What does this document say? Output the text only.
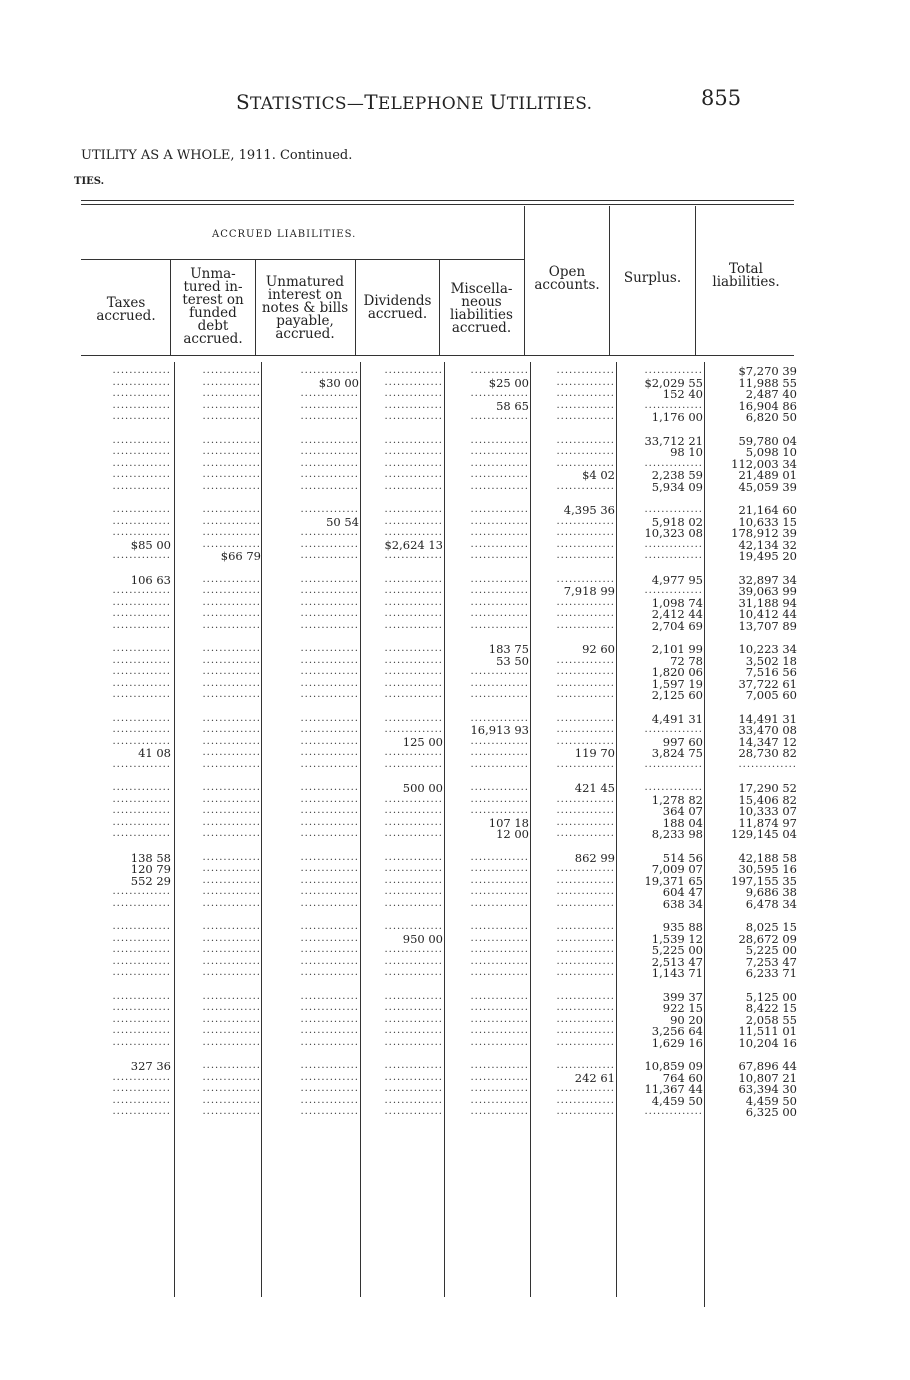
STATISTICS—TELEPHONE UTILITIES.	855
UTILITY AS A WHOLE, 1911. Continued.
TIES.
ACCRUED LIABILITIES.
Taxes
accrued.
Unma-
tured in-
terest on
funded
debt
accrued.
Unmatured
interest on
notes & bills
payable,
accrued.
Dividends
accrued.
Miscella-
neous
liabilities
accrued.
Open
accounts.	Surplus.
Total
liabilities.
..............	..............	..............	..............	..............	..............	..............	$7,270 39
..............	..............	$30 00	..............	$25 00	..............	$2,029 55	11,988 55
..............	..............	..............	..............	..............	..............	152 40	2,487 40
..............	..............	..............	..............	58 65	..............	..............	16,904 86
..............	..............	..............	..............	..............	..............	1,176 00	6,820 50
..............	..............	..............	..............	..............	..............	33,712 21	59,780 04
..............	..............	..............	..............	..............	..............	98 10	5,098 10
..............	..............	..............	..............	..............	..............	..............	112,003 34
..............	..............	..............	..............	..............	$4 02	2,238 59	21,489 01
..............	..............	..............	..............	..............	..............	5,934 09	45,059 39
..............	..............	..............	..............	..............	4,395 36	..............	21,164 60
..............	..............	50 54	..............	..............	..............	5,918 02	10,633 15
..............	..............	..............	..............	..............	..............	10,323 08	178,912 39
$85 00	..............	..............	$2,624 13	..............	..............	..............	42,134 32
..............	$66 79	..............	..............	..............	..............	..............	19,495 20
106 63	..............	..............	..............	..............	..............	4,977 95	32,897 34
..............	..............	..............	..............	..............	7,918 99	..............	39,063 99
..............	..............	..............	..............	..............	..............	1,098 74	31,188 94
..............	..............	..............	..............	..............	..............	2,412 44	10,412 44
..............	..............	..............	..............	..............	..............	2,704 69	13,707 89
..............	..............	..............	..............	183 75	92 60	2,101 99	10,223 34
..............	..............	..............	..............	53 50	..............	72 78	3,502 18
..............	..............	..............	..............	..............	..............	1,820 06	7,516 56
..............	..............	..............	..............	..............	..............	1,597 19	37,722 61
..............	..............	..............	..............	..............	..............	2,125 60	7,005 60
..............	..............	..............	..............	..............	..............	4,491 31	14,491 31
..............	..............	..............	..............	16,913 93	..............	..............	33,470 08
..............	..............	..............	125 00	..............	..............	997 60	14,347 12
41 08	..............	..............	..............	..............	119 70	3,824 75	28,730 82
..............	..............	..............	..............	..............	..............	..............	..............
..............	..............	..............	500 00	..............	421 45	..............	17,290 52
..............	..............	..............	..............	..............	..............	1,278 82	15,406 82
..............	..............	..............	..............	..............	..............	364 07	10,333 07
..............	..............	..............	..............	107 18	..............	188 04	11,874 97
..............	..............	..............	..............	12 00	..............	8,233 98	129,145 04
138 58	..............	..............	..............	..............	862 99	514 56	42,188 58
120 79	..............	..............	..............	..............	..............	7,009 07	30,595 16
552 29	..............	..............	..............	..............	..............	19,371 65	197,155 35
..............	..............	..............	..............	..............	..............	604 47	9,686 38
..............	..............	..............	..............	..............	..............	638 34	6,478 34
..............	..............	..............	..............	..............	..............	935 88	8,025 15
..............	..............	..............	950 00	..............	..............	1,539 12	28,672 09
..............	..............	..............	..............	..............	..............	5,225 00	5,225 00
..............	..............	..............	..............	..............	..............	2,513 47	7,253 47
..............	..............	..............	..............	..............	..............	1,143 71	6,233 71
..............	..............	..............	..............	..............	..............	399 37	5,125 00
..............	..............	..............	..............	..............	..............	922 15	8,422 15
..............	..............	..............	..............	..............	..............	90 20	2,058 55
..............	..............	..............	..............	..............	..............	3,256 64	11,511 01
..............	..............	..............	..............	..............	..............	1,629 16	10,204 16
327 36	..............	..............	..............	..............	..............	10,859 09	67,896 44
..............	..............	..............	..............	..............	242 61	764 60	10,807 21
..............	..............	..............	..............	..............	..............	11,367 44	63,394 30
..............	..............	..............	..............	..............	..............	4,459 50	4,459 50
..............	..............	..............	..............	..............	..............	..............	6,325 00
